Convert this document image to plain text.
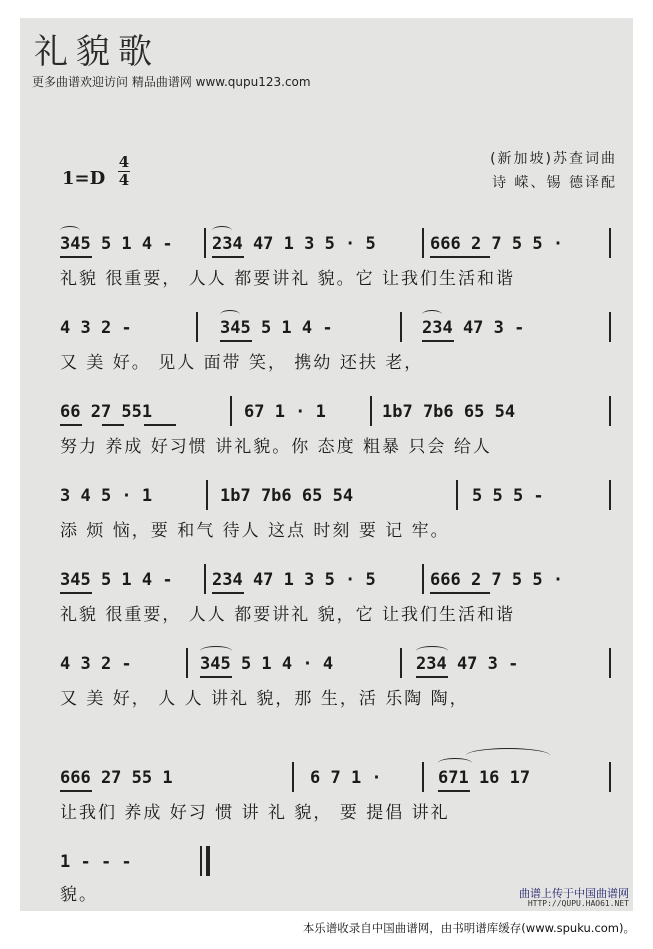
礼貌歌
更多曲谱欢迎访问 精品曲谱网 www.qupu123.com
1=D
4
4
(新加坡)苏查词曲
诗 嵘、锡 德译配
345 5 1 4 - 234 47 1 3 5 · 5	666 2 7 5 5 ·
礼貌 很重要， 人人 都要讲礼 貌。它 让我们生活和谐
4 3 2 -	345 5 1 4 -	234 47 3 -
又 美 好。 见人 面带 笑， 携幼 还扶 老，
66 27 551	67 1 · 1	1b7 7b6 65 54
努力 养成 好习惯 讲礼貌。你 态度 粗暴 只会 给人
3 4 5 · 1	1b7 7b6 65 54	5 5 5 -
添 烦 恼，要 和气 待人 这点 时刻 要 记 牢。
345 5 1 4 - 234 47 1 3 5 · 5	666 2 7 5 5 ·
礼貌 很重要， 人人 都要讲礼 貌，它 让我们生活和谐
4 3 2 -	345 5 1 4 · 4	234 47 3 -
又 美 好， 人 人 讲礼 貌，那 生，活 乐陶 陶，
666 27 55 1	6 7 1 ·	671 16 17
让我们 养成 好习 惯 讲 礼 貌， 要 提倡 讲礼
1 - - -
貌。	曲谱上传于中国曲谱网
HTTP://QUPU.HAO61.NET
本乐谱收录自中国曲谱网，由书明谱库缓存(www.spuku.com)。
